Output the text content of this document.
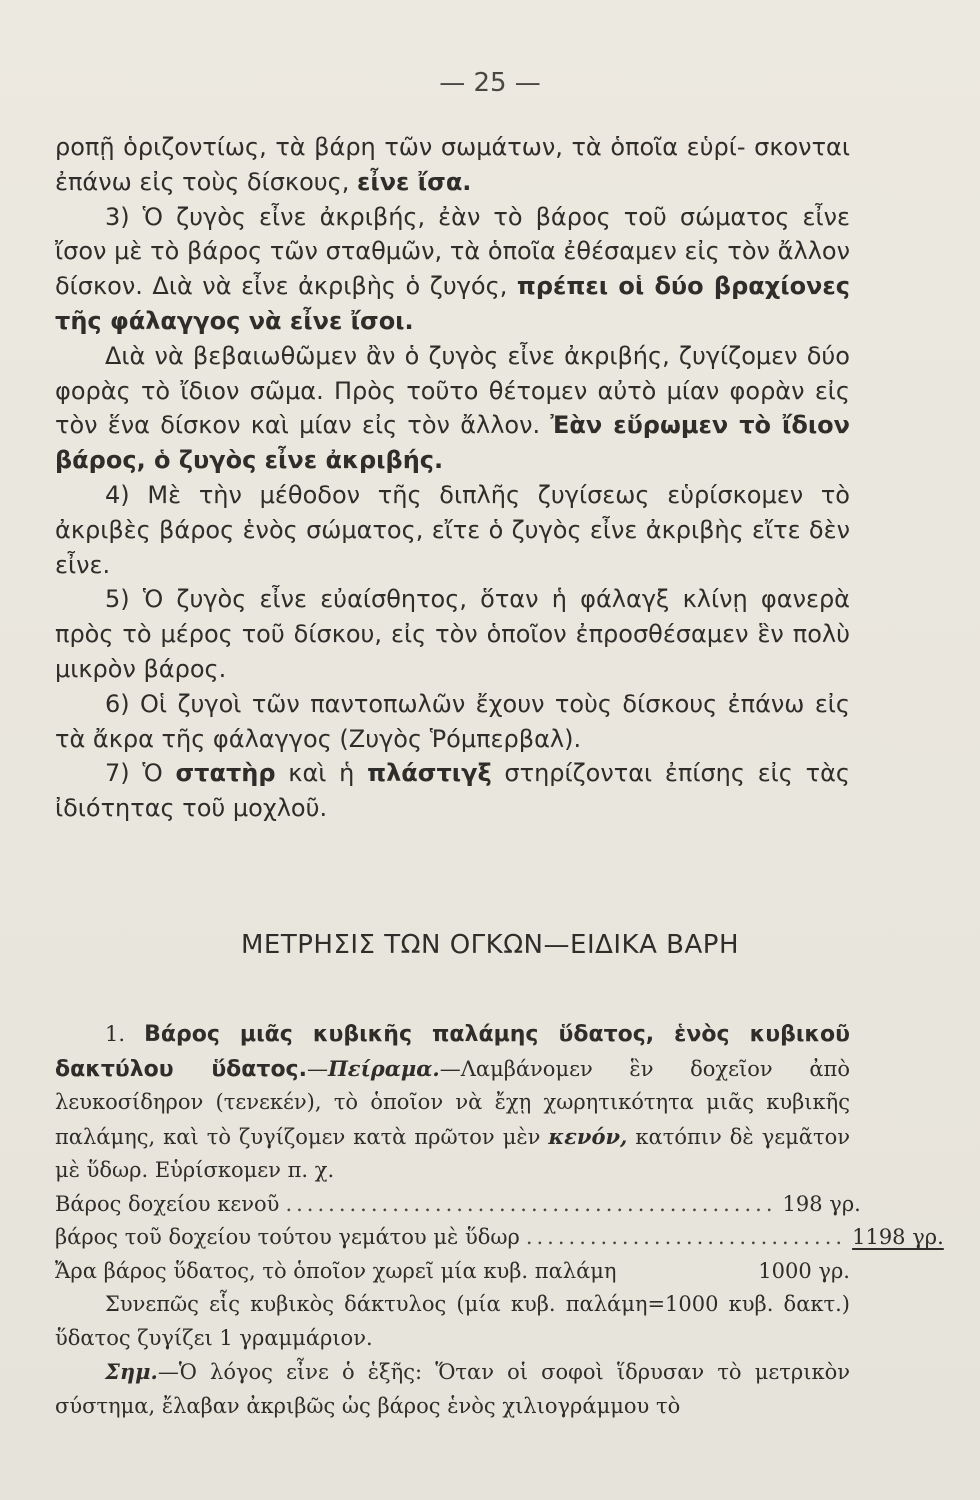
— 25 —

ροπῇ ὁριζοντίως, τὰ βάρη τῶν σωμάτων, τὰ ὁποῖα εὑρί- σκονται ἐπάνω εἰς τοὺς δίσκους, εἶνε ἴσα.

3) Ὁ ζυγὸς εἶνε ἀκριβής, ἐὰν τὸ βάρος τοῦ σώματος εἶνε ἴσον μὲ τὸ βάρος τῶν σταθμῶν, τὰ ὁποῖα ἐθέσαμεν εἰς τὸν ἄλλον δίσκον. Διὰ νὰ εἶνε ἀκριβὴς ὁ ζυγός, πρέπει οἱ δύο βραχίονες τῆς φάλαγγος νὰ εἶνε ἴσοι.

Διὰ νὰ βεβαιωθῶμεν ἂν ὁ ζυγὸς εἶνε ἀκριβής, ζυγίζομεν δύο φορὰς τὸ ἴδιον σῶμα. Πρὸς τοῦτο θέτομεν αὐτὸ μίαν φορὰν εἰς τὸν ἕνα δίσκον καὶ μίαν εἰς τὸν ἄλλον. Ἐὰν εὕρωμεν τὸ ἴδιον βάρος, ὁ ζυγὸς εἶνε ἀκριβής.

4) Μὲ τὴν μέθοδον τῆς διπλῆς ζυγίσεως εὑρίσκομεν τὸ ἀκριβὲς βάρος ἑνὸς σώματος, εἴτε ὁ ζυγὸς εἶνε ἀκριβὴς εἴτε δὲν εἶνε.

5) Ὁ ζυγὸς εἶνε εὐαίσθητος, ὅταν ἡ φάλαγξ κλίνῃ φανερὰ πρὸς τὸ μέρος τοῦ δίσκου, εἰς τὸν ὁποῖον ἐπροσθέσαμεν ἓν πολὺ μικρὸν βάρος.

6) Οἱ ζυγοὶ τῶν παντοπωλῶν ἔχουν τοὺς δίσκους ἐπάνω εἰς τὰ ἄκρα τῆς φάλαγγος (Ζυγὸς Ῥόμπερβαλ).

7) Ὁ στατὴρ καὶ ἡ πλάστιγξ στηρίζονται ἐπίσης εἰς τὰς ἰδιότητας τοῦ μοχλοῦ.

ΜΕΤΡΗΣΙΣ ΤΩΝ ΟΓΚΩΝ—ΕΙΔΙΚΑ ΒΑΡΗ

1. Βάρος μιᾶς κυβικῆς παλάμης ὕδατος, ἑνὸς κυβικοῦ δακτύλου ὕδατος.—Πείραμα.—Λαμβάνομεν ἓν δοχεῖον ἀπὸ λευκοσίδηρον (τενεκέν), τὸ ὁποῖον νὰ ἔχῃ χωρητικότητα μιᾶς κυβικῆς παλάμης, καὶ τὸ ζυγίζομεν κατὰ πρῶτον μὲν κενόν, κατόπιν δὲ γεμᾶτον μὲ ὕδωρ. Εὑρίσκομεν π. χ.

Βάρος δοχείου κενοῦ .............................................. 198 γρ.
βάρος τοῦ δοχείου τούτου γεμάτου μὲ ὕδωρ .............................. 1198 γρ.
Ἄρα βάρος ὕδατος, τὸ ὁποῖον χωρεῖ μία κυβ. παλάμη	1000 γρ.

Συνεπῶς εἷς κυβικὸς δάκτυλος (μία κυβ. παλάμη=1000 κυβ. δακτ.) ὕδατος ζυγίζει 1 γραμμάριον.

Σημ.—Ὁ λόγος εἶνε ὁ ἑξῆς: Ὅταν οἱ σοφοὶ ἵδρυσαν τὸ μετρικὸν σύστημα, ἔλαβαν ἀκριβῶς ὡς βάρος ἑνὸς χιλιογράμμου τὸ
